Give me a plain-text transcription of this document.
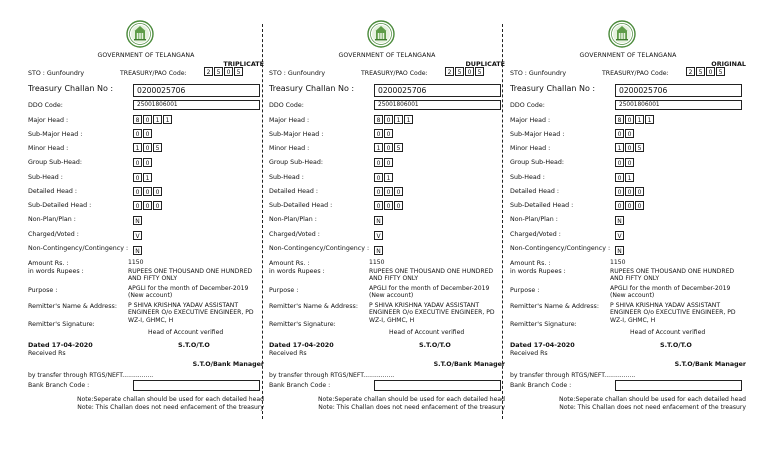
GOVERNMENT OF TELANGANA
TRIPLICATE
STO : Gunfoundry	TREASURY/PAO Code:	2	5	0	5
Treasury Challan No :	0200025706
DDO Code:	25001806001
Major Head :	8	0	1	1
Sub-Major Head :	0	0
Minor Head :	1	0	5
Group Sub-Head:	0	0
Sub-Head :	0	1
Detailed Head :	0	0	0
Sub-Detailed Head :	0	0	0
Non-Plan/Plan :	N
Charged/Voted :	V
Non-Contingency/Contingency :	N
Amount Rs. :	1150
in words Rupees :	RUPEES ONE THOUSAND ONE HUNDRED AND FIFTY ONLY
Purpose :	APGLI for the month of December-2019 (New account)
Remitter's Name & Address: P SHIVA KRISHNA YADAV ASSISTANT ENGINEER O/o EXECUTIVE ENGINEER, PD WZ-I, GHMC, H
Remitter's Signature:
Head of Account verified
Dated 17-04-2020	S.T.O/T.O
Received Rs
S.T.O/Bank Manager
by transfer through RTGS/NEFT................
Bank Branch Code :
Note:Seperate challan should be used for each detailed head
Note: This Challan does not need enfacement of the treasury
GOVERNMENT OF TELANGANA
DUPLICATE
STO : Gunfoundry	TREASURY/PAO Code:	2	5	0	5
Treasury Challan No :	0200025706
DDO Code:	25001806001
Major Head :	8	0	1	1
Sub-Major Head :	0	0
Minor Head :	1	0	5
Group Sub-Head:	0	0
Sub-Head :	0	1
Detailed Head :	0	0	0
Sub-Detailed Head :	0	0	0
Non-Plan/Plan :	N
Charged/Voted :	V
Non-Contingency/Contingency :	N
Amount Rs. :	1150
in words Rupees :	RUPEES ONE THOUSAND ONE HUNDRED AND FIFTY ONLY
Purpose :	APGLI for the month of December-2019 (New account)
Remitter's Name & Address: P SHIVA KRISHNA YADAV ASSISTANT ENGINEER O/o EXECUTIVE ENGINEER, PD WZ-I, GHMC, H
Remitter's Signature:
Head of Account verified
Dated 17-04-2020	S.T.O/T.O
Received Rs
S.T.O/Bank Manager
by transfer through RTGS/NEFT................
Bank Branch Code :
Note:Seperate challan should be used for each detailed head
Note: This Challan does not need enfacement of the treasury
GOVERNMENT OF TELANGANA
ORIGINAL
STO : Gunfoundry	TREASURY/PAO Code:	2	5	0	5
Treasury Challan No :	0200025706
DDO Code:	25001806001
Major Head :	8	0	1	1
Sub-Major Head :	0	0
Minor Head :	1	0	5
Group Sub-Head:	0	0
Sub-Head :	0	1
Detailed Head :	0	0	0
Sub-Detailed Head :	0	0	0
Non-Plan/Plan :	N
Charged/Voted :	V
Non-Contingency/Contingency :	N
Amount Rs. :	1150
in words Rupees :	RUPEES ONE THOUSAND ONE HUNDRED AND FIFTY ONLY
Purpose :	APGLI for the month of December-2019 (New account)
Remitter's Name & Address: P SHIVA KRISHNA YADAV ASSISTANT ENGINEER O/o EXECUTIVE ENGINEER, PD WZ-I, GHMC, H
Remitter's Signature:
Head of Account verified
Dated 17-04-2020	S.T.O/T.O
Received Rs
S.T.O/Bank Manager
by transfer through RTGS/NEFT................
Bank Branch Code :
Note:Seperate challan should be used for each detailed head
Note: This Challan does not need enfacement of the treasury
